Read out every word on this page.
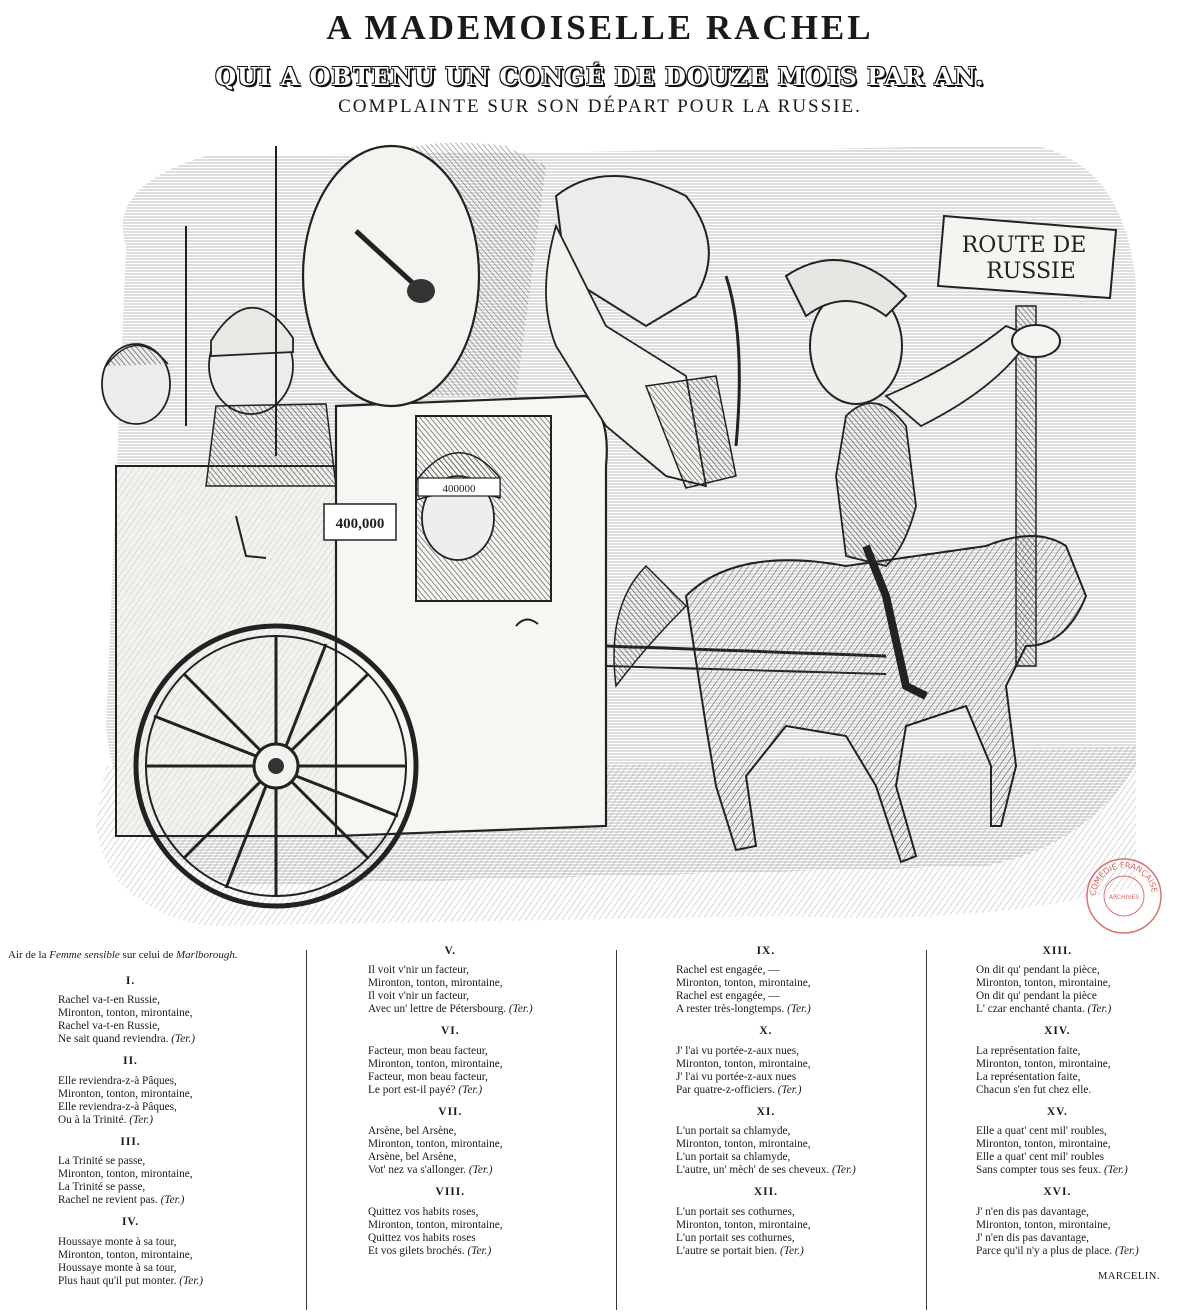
A MADEMOISELLE RACHEL
QUI A OBTENU UN CONGÉ DE DOUZE MOIS PAR AN.
COMPLAINTE SUR SON DÉPART POUR LA RUSSIE.
ROUTE DE
RUSSIE
400,000
400000
COMÉDIE FRANÇAISE
ARCHIVES
Air de la Femme sensible sur celui de Marlborough.
I.
Rachel va-t-en Russie,
Mironton, tonton, mirontaine,
Rachel va-t-en Russie,
Ne sait quand reviendra. (Ter.)
II.
Elle reviendra-z-à Pâques,
Mironton, tonton, mirontaine,
Elle reviendra-z-à Pâques,
Ou à la Trinité. (Ter.)
III.
La Trinité se passe,
Mironton, tonton, mirontaine,
La Trinité se passe,
Rachel ne revient pas. (Ter.)
IV.
Houssaye monte à sa tour,
Mironton, tonton, mirontaine,
Houssaye monte à sa tour,
Plus haut qu'il put monter. (Ter.)
V.
Il voit v'nir un facteur,
Mironton, tonton, mirontaine,
Il voit v'nir un facteur,
Avec un' lettre de Pétersbourg. (Ter.)
VI.
Facteur, mon beau facteur,
Mironton, tonton, mirontaine,
Facteur, mon beau facteur,
Le port est-il payé? (Ter.)
VII.
Arsène, bel Arsène,
Mironton, tonton, mirontaine,
Arsène, bel Arsène,
Vot' nez va s'allonger. (Ter.)
VIII.
Quittez vos habits roses,
Mironton, tonton, mirontaine,
Quittez vos habits roses
Et vos gilets brochés. (Ter.)
IX.
Rachel est engagée, —
Mironton, tonton, mirontaine,
Rachel est engagée, —
A rester très-longtemps. (Ter.)
X.
J' l'ai vu portée-z-aux nues,
Mironton, tonton, mirontaine,
J' l'ai vu portée-z-aux nues
Par quatre-z-officiers. (Ter.)
XI.
L'un portait sa chlamyde,
Mironton, tonton, mirontaine,
L'un portait sa chlamyde,
L'autre, un' mèch' de ses cheveux. (Ter.)
XII.
L'un portait ses cothurnes,
Mironton, tonton, mirontaine,
L'un portait ses cothurnes,
L'autre se portait bien. (Ter.)
XIII.
On dit qu' pendant la pièce,
Mironton, tonton, mirontaine,
On dit qu' pendant la pièce
L' czar enchanté chanta. (Ter.)
XIV.
La représentation faite,
Mironton, tonton, mirontaine,
La représentation faite,
Chacun s'en fut chez elle.
XV.
Elle a quat' cent mil' roubles,
Mironton, tonton, mirontaine,
Elle a quat' cent mil' roubles
Sans compter tous ses feux. (Ter.)
XVI.
J' n'en dis pas davantage,
Mironton, tonton, mirontaine,
J' n'en dis pas davantage,
Parce qu'il n'y a plus de place. (Ter.)
MARCELIN.
